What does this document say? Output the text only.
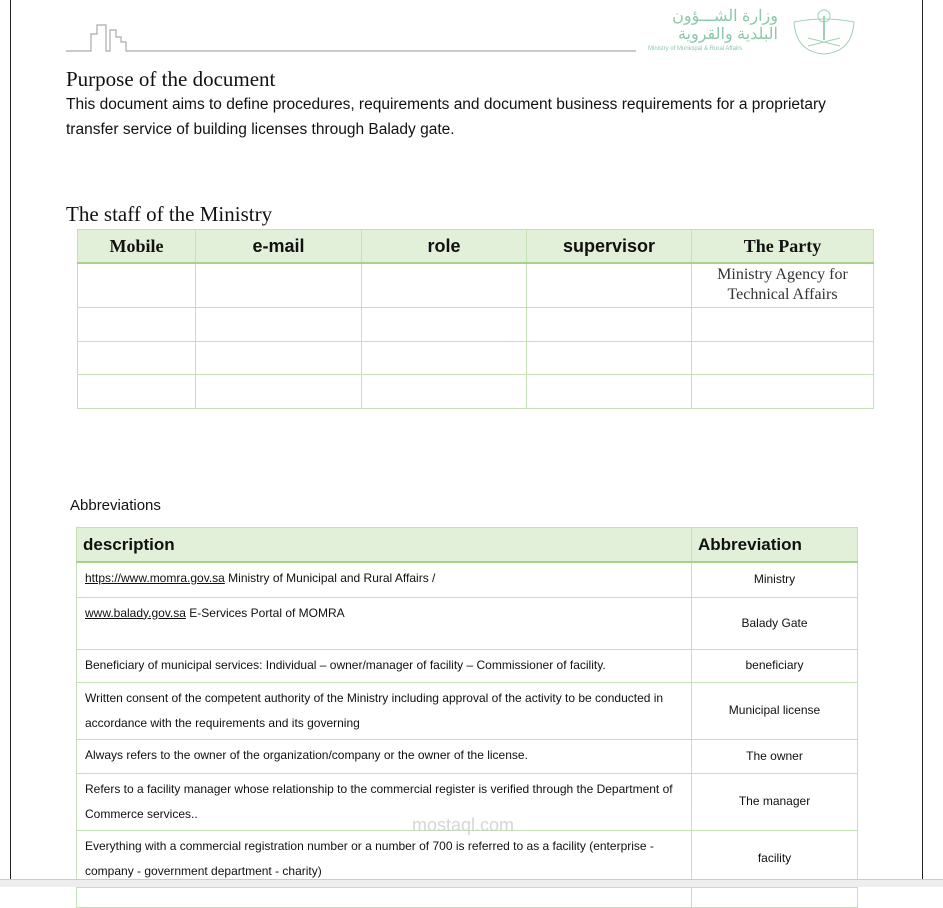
وزارة الشـــؤون البلدية والقروية
Ministry of Municipal & Rural Affairs
Purpose of the document
This document aims to define procedures, requirements and document business requirements for a proprietary transfer service of building licenses through Balady gate.
The staff of the Ministry
Mobile	e-mail	role	supervisor	The Party
				Ministry Agency for Technical Affairs

Abbreviations
description	Abbreviation
https://www.momra.gov.sa Ministry of Municipal and Rural Affairs /	Ministry
www.balady.gov.sa E-Services Portal of MOMRA	Balady Gate
Beneficiary of municipal services: Individual – owner/manager of facility – Commissioner of facility.	beneficiary
Written consent of the competent authority of the Ministry including approval of the activity to be conducted in accordance with the requirements and its governing	Municipal license
Always refers to the owner of the organization/company or the owner of the license.	The owner
Refers to a facility manager whose relationship to the commercial register is verified through the Department of Commerce services..	The manager
Everything with a commercial registration number or a number of 700 is referred to as a facility (enterprise - company - government department - charity)	facility

mostaql.com
